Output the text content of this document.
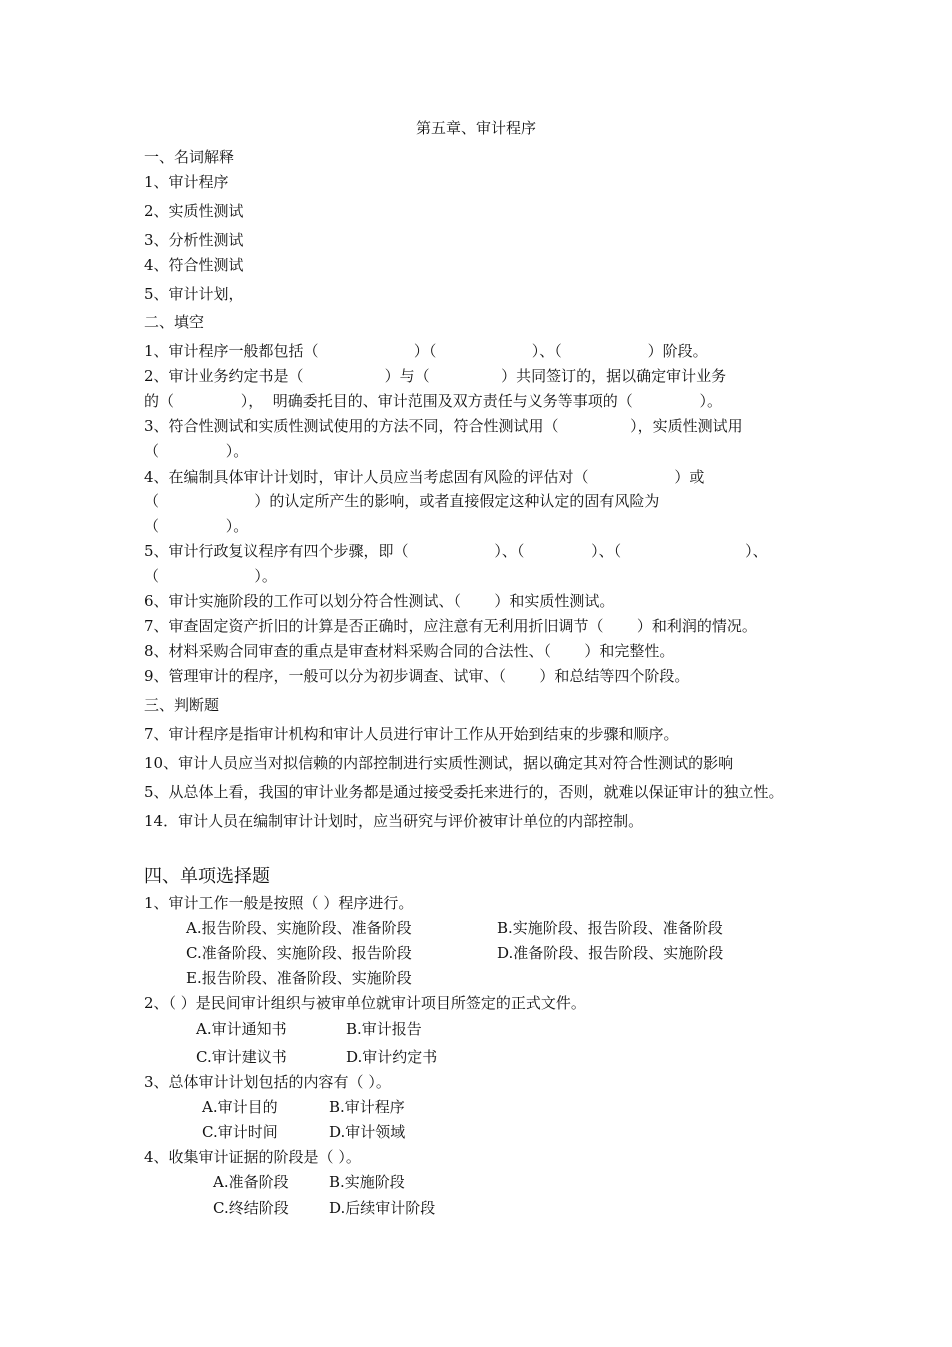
第五章、审计程序
一、名词解释
1、审计程序
2、实质性测试
3、分析性测试
4、符合性测试
5、审计计划，
二、填空
1、审计程序一般都包括（                    ）（                    ）、（                  ）阶段。
2、审计业务约定书是（                 ）与（               ）共同签订的，据以确定审计业务
的（              ），  明确委托目的、审计范围及双方责任与义务等事项的（              ）。
3、符合性测试和实质性测试使用的方法不同，符合性测试用（               ），实质性测试用
（              ）。
4、在编制具体审计计划时，审计人员应当考虑固有风险的评估对（                  ）或
（                    ）的认定所产生的影响，或者直接假定这种认定的固有风险为
（              ）。
5、审计行政复议程序有四个步骤，即（                  ）、（              ）、（                          ）、
（                    ）。
6、审计实施阶段的工作可以划分符合性测试、（       ）和实质性测试。
7、审查固定资产折旧的计算是否正确时，应注意有无利用折旧调节（       ）和利润的情况。
8、材料采购合同审查的重点是审查材料采购合同的合法性、（       ）和完整性。
9、管理审计的程序，一般可以分为初步调查、试审、（       ）和总结等四个阶段。
三、判断题
7、审计程序是指审计机构和审计人员进行审计工作从开始到结束的步骤和顺序。
10、审计人员应当对拟信赖的内部控制进行实质性测试，据以确定其对符合性测试的影响
5、从总体上看，我国的审计业务都是通过接受委托来进行的，否则，就难以保证审计的独立性。
14．审计人员在编制审计计划时，应当研究与评价被审计单位的内部控制。
四、单项选择题
1、审计工作一般是按照（ ）程序进行。
A.报告阶段、实施阶段、准备阶段	B.实施阶段、报告阶段、准备阶段
C.准备阶段、实施阶段、报告阶段	D.准备阶段、报告阶段、实施阶段
E.报告阶段、准备阶段、实施阶段
2、（ ）是民间审计组织与被审单位就审计项目所签定的正式文件。
A.审计通知书	B.审计报告
C.审计建议书	D.审计约定书
3、总体审计计划包括的内容有（ ）。
A.审计目的	B.审计程序
C.审计时间	D.审计领域
4、收集审计证据的阶段是（ ）。
A.准备阶段	B.实施阶段
C.终结阶段	D.后续审计阶段
